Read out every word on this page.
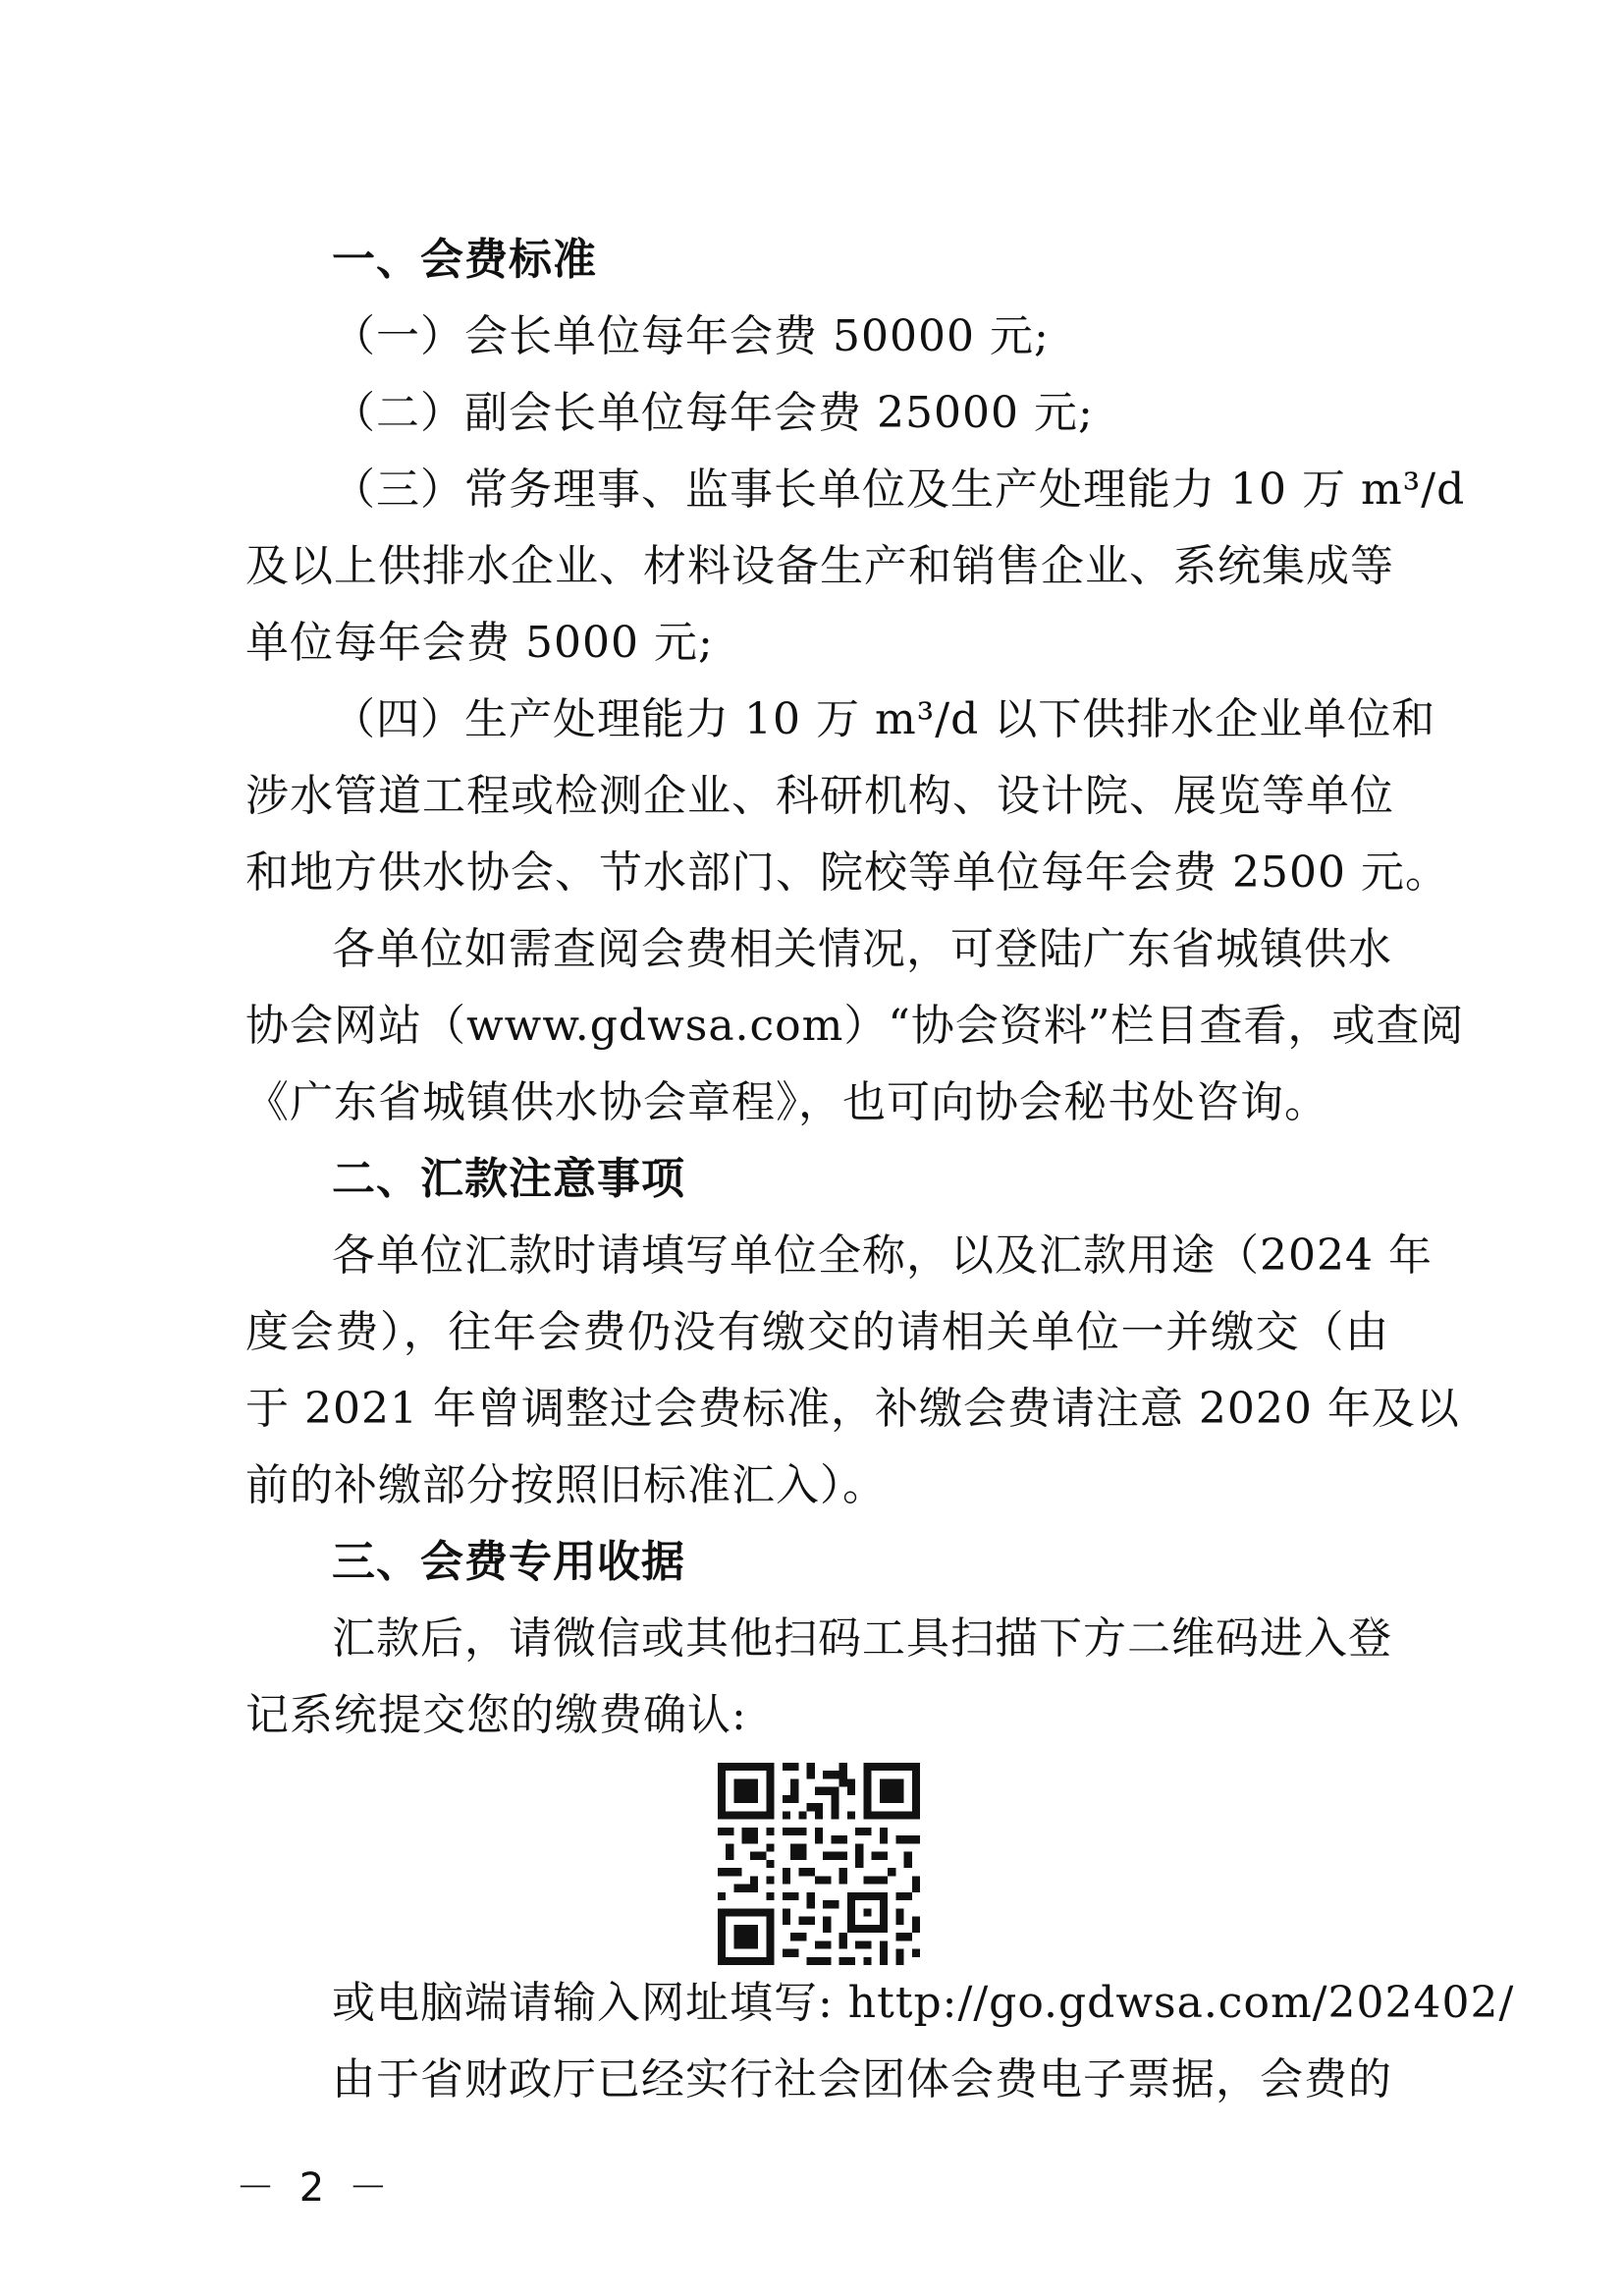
一、会费标准
（一）会长单位每年会费 50000 元;
（二）副会长单位每年会费 25000 元;
（三）常务理事、监事长单位及生产处理能力 10 万 m³/d
及以上供排水企业、材料设备生产和销售企业、系统集成等
单位每年会费 5000 元;
（四）生产处理能力 10 万 m³/d 以下供排水企业单位和
涉水管道工程或检测企业、科研机构、设计院、展览等单位
和地方供水协会、节水部门、院校等单位每年会费 2500 元。
各单位如需查阅会费相关情况，可登陆广东省城镇供水
协会网站（www.gdwsa.com）“协会资料”栏目查看，或查阅
《广东省城镇供水协会章程》，也可向协会秘书处咨询。
二、汇款注意事项
各单位汇款时请填写单位全称，以及汇款用途（2024 年
度会费），往年会费仍没有缴交的请相关单位一并缴交（由
于 2021 年曾调整过会费标准，补缴会费请注意 2020 年及以
前的补缴部分按照旧标准汇入）。
三、会费专用收据
汇款后，请微信或其他扫码工具扫描下方二维码进入登
记系统提交您的缴费确认:
或电脑端请输入网址填写: http://go.gdwsa.com/202402/
由于省财政厅已经实行社会团体会费电子票据，会费的
－ 2 －
